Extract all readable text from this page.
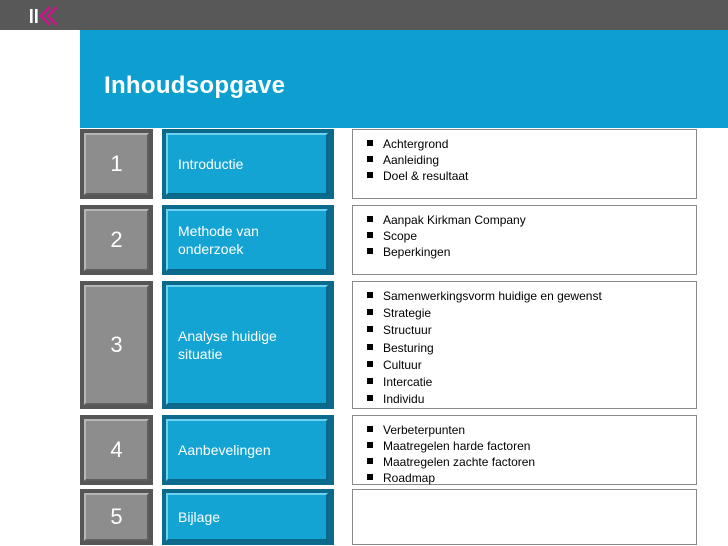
Inhoudsopgave
1	Introductie
Achtergrond
Aanleiding
Doel & resultaat
2	Methode van onderzoek
Aanpak Kirkman Company
Scope
Beperkingen
3	Analyse huidige situatie
Samenwerkingsvorm huidige en gewenst
Strategie
Structuur
Besturing
Cultuur
Intercatie
Individu
4	Aanbevelingen
Verbeterpunten
Maatregelen harde factoren
Maatregelen zachte factoren
Roadmap
5	Bijlage
